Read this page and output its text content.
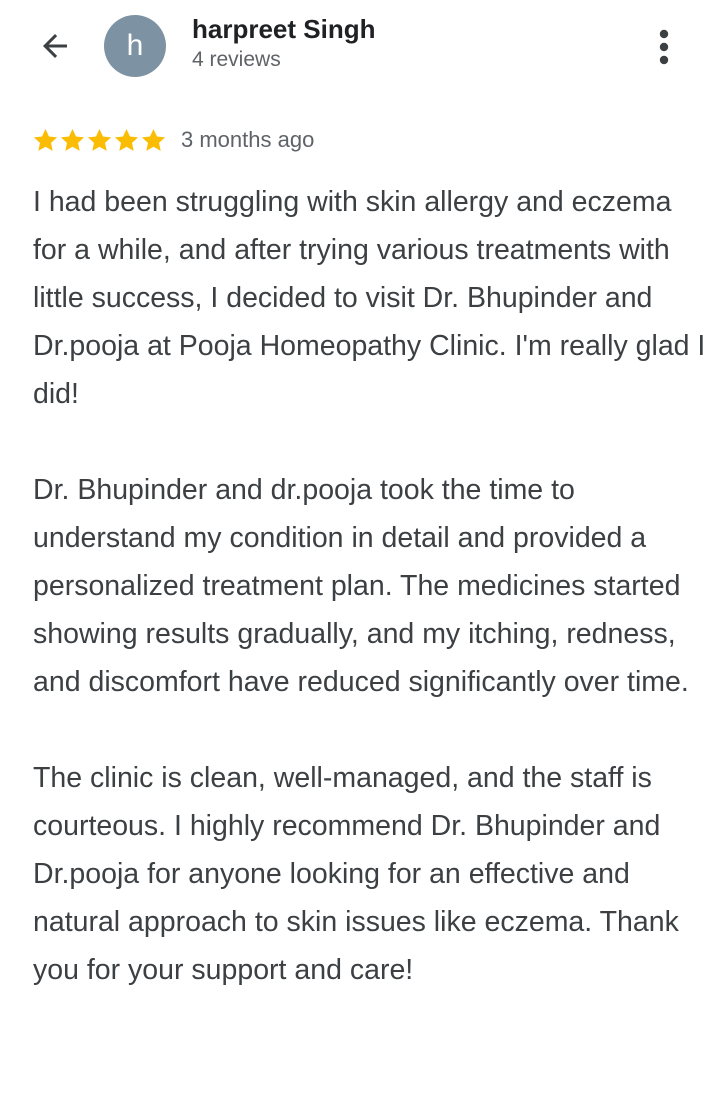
h harpreet Singh
4 reviews
3 months ago

I had been struggling with skin allergy and eczema for a while, and after trying various treatments with little success, I decided to visit Dr. Bhupinder and Dr.pooja at Pooja Homeopathy Clinic. I'm really glad I did!

Dr. Bhupinder and dr.pooja took the time to understand my condition in detail and provided a personalized treatment plan. The medicines started showing results gradually, and my itching, redness, and discomfort have reduced significantly over time.

The clinic is clean, well-managed, and the staff is courteous. I highly recommend Dr. Bhupinder and Dr.pooja for anyone looking for an effective and natural approach to skin issues like eczema. Thank you for your support and care!
